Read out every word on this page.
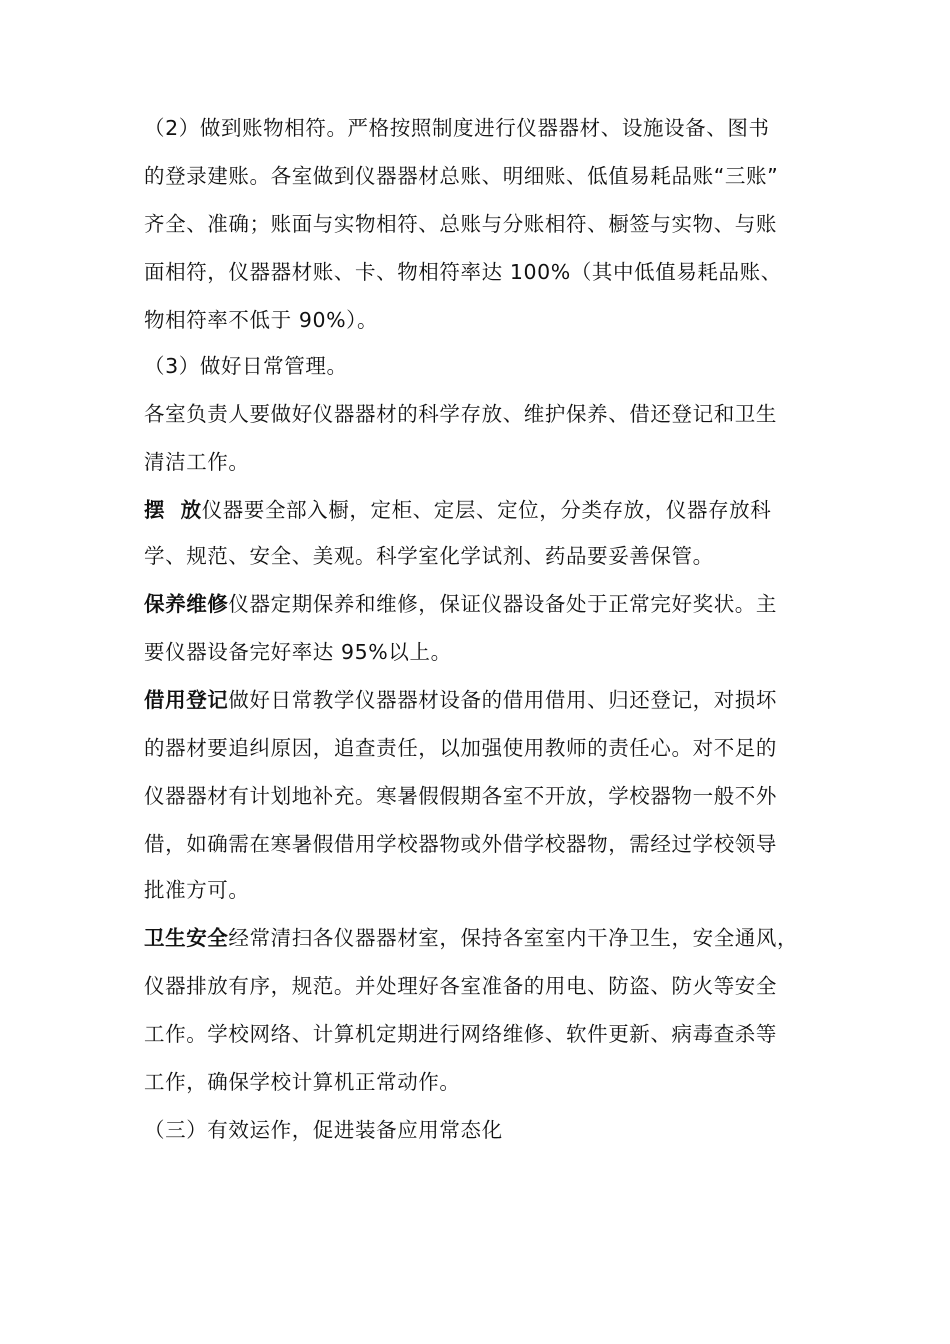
（2）做到账物相符。严格按照制度进行仪器器材、设施设备、图书
的登录建账。各室做到仪器器材总账、明细账、低值易耗品账“三账”
齐全、准确；账面与实物相符、总账与分账相符、橱签与实物、与账
面相符，仪器器材账、卡、物相符率达 100%（其中低值易耗品账、
物相符率不低于 90%）。
（3）做好日常管理。
各室负责人要做好仪器器材的科学存放、维护保养、借还登记和卫生
清洁工作。
摆  放仪器要全部入橱，定柜、定层、定位，分类存放，仪器存放科
学、规范、安全、美观。科学室化学试剂、药品要妥善保管。
保养维修仪器定期保养和维修，保证仪器设备处于正常完好奖状。主
要仪器设备完好率达 95%以上。
借用登记做好日常教学仪器器材设备的借用借用、归还登记，对损坏
的器材要追纠原因，追查责任，以加强使用教师的责任心。对不足的
仪器器材有计划地补充。寒暑假假期各室不开放，学校器物一般不外
借，如确需在寒暑假借用学校器物或外借学校器物，需经过学校领导
批准方可。
卫生安全经常清扫各仪器器材室，保持各室室内干净卫生，安全通风，
仪器排放有序，规范。并处理好各室准备的用电、防盗、防火等安全
工作。学校网络、计算机定期进行网络维修、软件更新、病毒查杀等
工作，确保学校计算机正常动作。
（三）有效运作，促进装备应用常态化
